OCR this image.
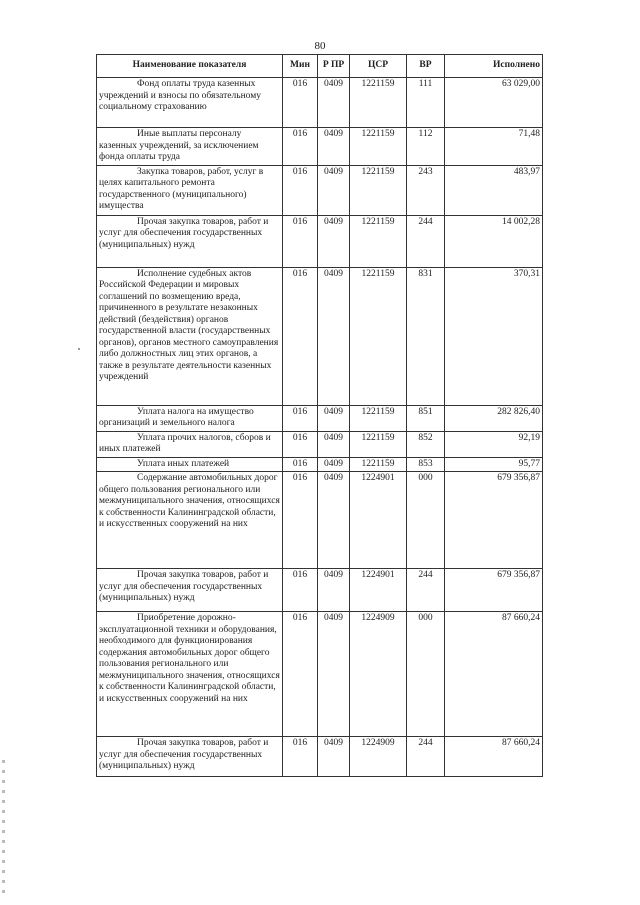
80
Наименование показателя	Мин	Р ПР	ЦСР	ВР	Исполнено
Фонд оплаты труда казенных учреждений и взносы по обязательному социальному страхованию	016	0409	1221159	111	63 029,00
Иные выплаты персоналу казенных учреждений, за исключением фонда оплаты труда	016	0409	1221159	112	71,48
Закупка товаров, работ, услуг в целях капитального ремонта государственного (муниципального) имущества	016	0409	1221159	243	483,97
Прочая закупка товаров, работ и услуг для обеспечения государственных (муниципальных) нужд	016	0409	1221159	244	14 002,28
Исполнение судебных актов Российской Федерации и мировых соглашений по возмещению вреда, причиненного в результате незаконных действий (бездействия) органов государственной власти (государственных органов), органов местного самоуправления либо должностных лиц этих органов, а также в результате деятельности казенных учреждений	016	0409	1221159	831	370,31
Уплата налога на имущество организаций и земельного налога	016	0409	1221159	851	282 826,40
Уплата прочих налогов, сборов и иных платежей	016	0409	1221159	852	92,19
Уплата иных платежей	016	0409	1221159	853	95,77
Содержание автомобильных дорог общего пользования регионального или межмуниципального значения, относящихся к собственности Калининградской области, и искусственных сооружений на них	016	0409	1224901	000	679 356,87
Прочая закупка товаров, работ и услуг для обеспечения государственных (муниципальных) нужд	016	0409	1224901	244	679 356,87
Приобретение дорожно-эксплуатационной техники и оборудования, необходимого для функционирования содержания автомобильных дорог общего пользования регионального или межмуниципального значения, относящихся к собственности Калининградской области, и искусственных сооружений на них	016	0409	1224909	000	87 660,24
Прочая закупка товаров, работ и услуг для обеспечения государственных (муниципальных) нужд	016	0409	1224909	244	87 660,24
